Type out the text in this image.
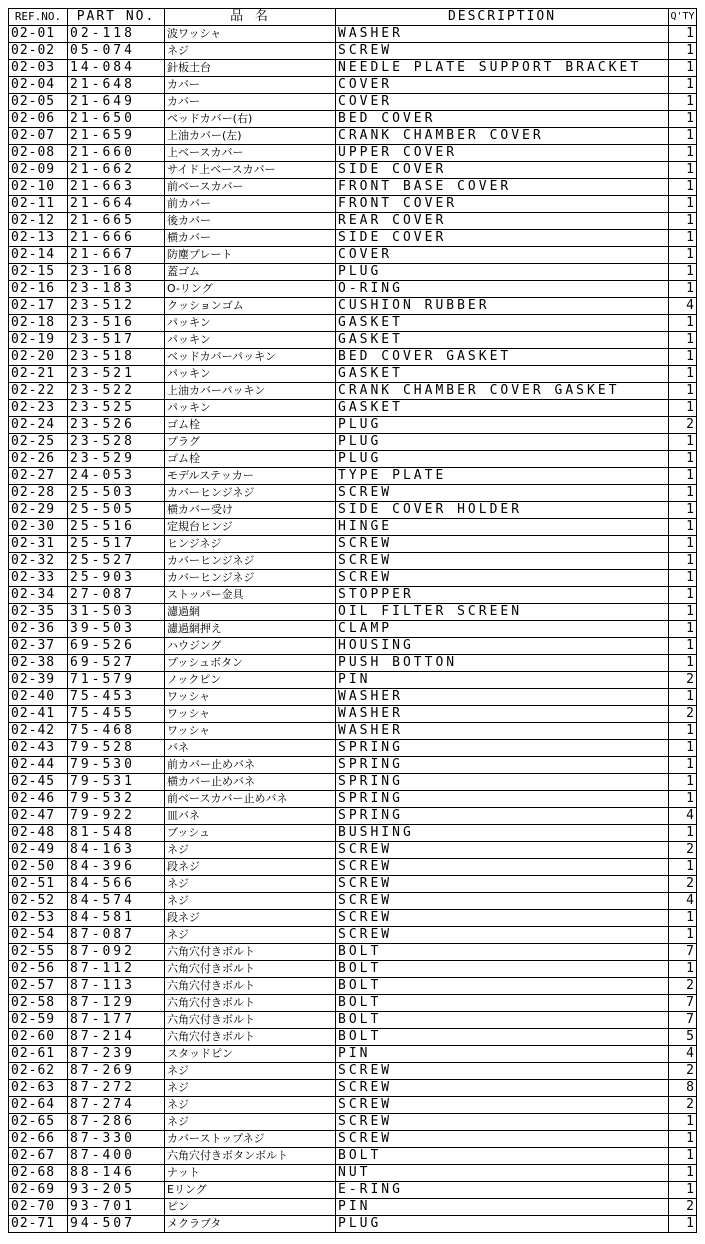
REF.NO.	PART NO.	品 名	DESCRIPTION	Q'TY
02-01	02-118	波ワッシャ	WASHER	1
02-02	05-074	ネジ	SCREW	1
02-03	14-084	針板土台	NEEDLE PLATE SUPPORT BRACKET	1
02-04	21-648	カバー	COVER	1
02-05	21-649	カバー	COVER	1
02-06	21-650	ベッドカバー(右)	BED COVER	1
02-07	21-659	上油カバー(左)	CRANK CHAMBER COVER	1
02-08	21-660	上ベースカバー	UPPER COVER	1
02-09	21-662	サイド上ベースカバー	SIDE COVER	1
02-10	21-663	前ベースカバー	FRONT BASE COVER	1
02-11	21-664	前カバー	FRONT COVER	1
02-12	21-665	後カバー	REAR COVER	1
02-13	21-666	横カバー	SIDE COVER	1
02-14	21-667	防塵プレート	COVER	1
02-15	23-168	蓋ゴム	PLUG	1
02-16	23-183	O-リング	O-RING	1
02-17	23-512	クッションゴム	CUSHION RUBBER	4
02-18	23-516	パッキン	GASKET	1
02-19	23-517	パッキン	GASKET	1
02-20	23-518	ベッドカバーパッキン	BED COVER GASKET	1
02-21	23-521	パッキン	GASKET	1
02-22	23-522	上油カバーパッキン	CRANK CHAMBER COVER GASKET	1
02-23	23-525	パッキン	GASKET	1
02-24	23-526	ゴム栓	PLUG	2
02-25	23-528	プラグ	PLUG	1
02-26	23-529	ゴム栓	PLUG	1
02-27	24-053	モデルステッカー	TYPE PLATE	1
02-28	25-503	カバーヒンジネジ	SCREW	1
02-29	25-505	横カバー受け	SIDE COVER HOLDER	1
02-30	25-516	定規台ヒンジ	HINGE	1
02-31	25-517	ヒンジネジ	SCREW	1
02-32	25-527	カバーヒンジネジ	SCREW	1
02-33	25-903	カバーヒンジネジ	SCREW	1
02-34	27-087	ストッパー金具	STOPPER	1
02-35	31-503	濾過網	OIL FILTER SCREEN	1
02-36	39-503	濾過網押え	CLAMP	1
02-37	69-526	ハウジング	HOUSING	1
02-38	69-527	プッシュボタン	PUSH BOTTON	1
02-39	71-579	ノックピン	PIN	2
02-40	75-453	ワッシャ	WASHER	1
02-41	75-455	ワッシャ	WASHER	2
02-42	75-468	ワッシャ	WASHER	1
02-43	79-528	バネ	SPRING	1
02-44	79-530	前カバー止めバネ	SPRING	1
02-45	79-531	横カバー止めバネ	SPRING	1
02-46	79-532	前ベースカバー止めバネ	SPRING	1
02-47	79-922	皿バネ	SPRING	4
02-48	81-548	ブッシュ	BUSHING	1
02-49	84-163	ネジ	SCREW	2
02-50	84-396	段ネジ	SCREW	1
02-51	84-566	ネジ	SCREW	2
02-52	84-574	ネジ	SCREW	4
02-53	84-581	段ネジ	SCREW	1
02-54	87-087	ネジ	SCREW	1
02-55	87-092	六角穴付きボルト	BOLT	7
02-56	87-112	六角穴付きボルト	BOLT	1
02-57	87-113	六角穴付きボルト	BOLT	2
02-58	87-129	六角穴付きボルト	BOLT	7
02-59	87-177	六角穴付きボルト	BOLT	7
02-60	87-214	六角穴付きボルト	BOLT	5
02-61	87-239	スタッドピン	PIN	4
02-62	87-269	ネジ	SCREW	2
02-63	87-272	ネジ	SCREW	8
02-64	87-274	ネジ	SCREW	2
02-65	87-286	ネジ	SCREW	1
02-66	87-330	カバーストップネジ	SCREW	1
02-67	87-400	六角穴付きボタンボルト	BOLT	1
02-68	88-146	ナット	NUT	1
02-69	93-205	Eリング	E-RING	1
02-70	93-701	ピン	PIN	2
02-71	94-507	メクラブタ	PLUG	1
